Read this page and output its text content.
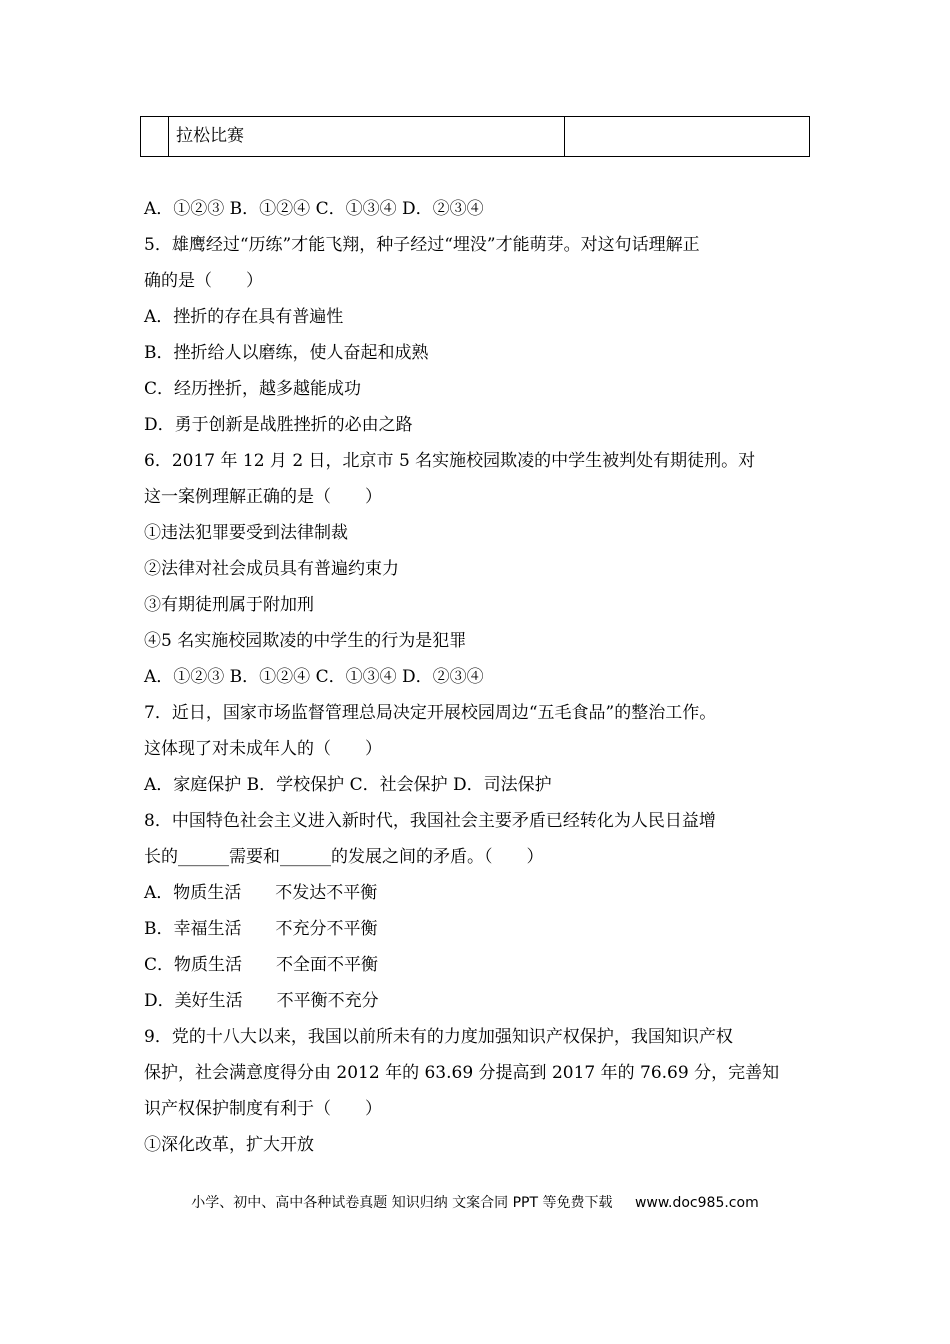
拉松比赛
A．①②③ B．①②④ C．①③④ D．②③④
5．雄鹰经过“历练”才能飞翔，种子经过“埋没”才能萌芽。对这句话理解正
确的是（　　）
A．挫折的存在具有普遍性
B．挫折给人以磨练，使人奋起和成熟
C．经历挫折，越多越能成功
D．勇于创新是战胜挫折的必由之路
6．2017 年 12 月 2 日，北京市 5 名实施校园欺凌的中学生被判处有期徒刑。对
这一案例理解正确的是（　　）
①违法犯罪要受到法律制裁
②法律对社会成员具有普遍约束力
③有期徒刑属于附加刑
④5 名实施校园欺凌的中学生的行为是犯罪
A．①②③ B．①②④ C．①③④ D．②③④
7．近日，国家市场监督管理总局决定开展校园周边“五毛食品”的整治工作。
这体现了对未成年人的（　　）
A．家庭保护 B．学校保护 C．社会保护 D．司法保护
8．中国特色社会主义进入新时代，我国社会主要矛盾已经转化为人民日益增
长的______需要和______的发展之间的矛盾。（　　）
A．物质生活　　不发达不平衡
B．幸福生活　　不充分不平衡
C．物质生活　　不全面不平衡
D．美好生活　　不平衡不充分
9．党的十八大以来，我国以前所未有的力度加强知识产权保护，我国知识产权
保护，社会满意度得分由 2012 年的 63.69 分提高到 2017 年的 76.69 分，完善知
识产权保护制度有利于（　　）
①深化改革，扩大开放
小学、初中、高中各种试卷真题 知识归纳 文案合同 PPT 等免费下载 www.doc985.com
